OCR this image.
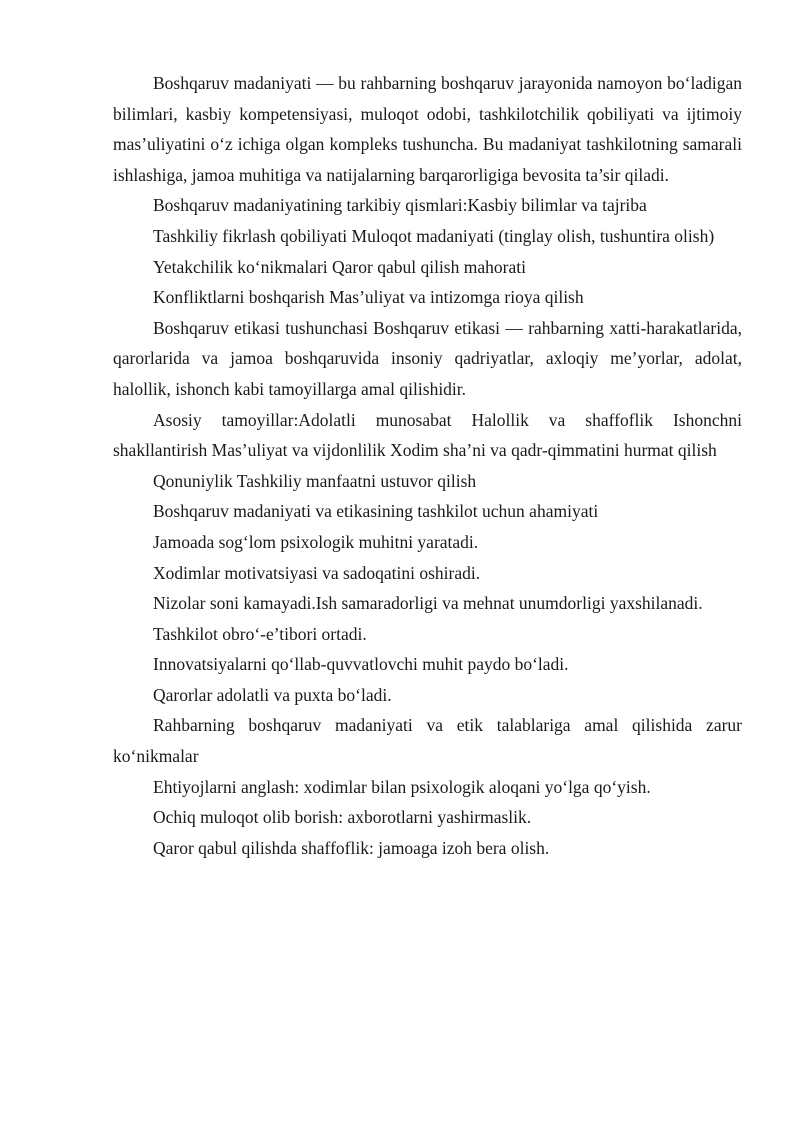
Boshqaruv madaniyati — bu rahbarning boshqaruv jarayonida namoyon bo‘ladigan bilimlari, kasbiy kompetensiyasi, muloqot odobi, tashkilotchilik qobiliyati va ijtimoiy mas’uliyatini o‘z ichiga olgan kompleks tushuncha. Bu madaniyat tashkilotning samarali ishlashiga, jamoa muhitiga va natijalarning barqarorligiga bevosita ta’sir qiladi.

Boshqaruv madaniyatining tarkibiy qismlari:Kasbiy bilimlar va tajriba

Tashkiliy fikrlash qobiliyati Muloqot madaniyati (tinglay olish, tushuntira olish)

Yetakchilik ko‘nikmalari Qaror qabul qilish mahorati

Konfliktlarni boshqarish Mas’uliyat va intizomga rioya qilish

Boshqaruv etikasi tushunchasi Boshqaruv etikasi — rahbarning xatti-harakatlarida, qarorlarida va jamoa boshqaruvida insoniy qadriyatlar, axloqiy me’yorlar, adolat, halollik, ishonch kabi tamoyillarga amal qilishidir.

Asosiy tamoyillar:Adolatli munosabat Halollik va shaffoflik Ishonchni shakllantirish Mas’uliyat va vijdonlilik Xodim sha’ni va qadr-qimmatini hurmat qilish

Qonuniylik Tashkiliy manfaatni ustuvor qilish

Boshqaruv madaniyati va etikasining tashkilot uchun ahamiyati

Jamoada sog‘lom psixologik muhitni yaratadi.

Xodimlar motivatsiyasi va sadoqatini oshiradi.

Nizolar soni kamayadi.Ish samaradorligi va mehnat unumdorligi yaxshilanadi.

Tashkilot obro‘-e’tibori ortadi.

Innovatsiyalarni qo‘llab-quvvatlovchi muhit paydo bo‘ladi.

Qarorlar adolatli va puxta bo‘ladi.

Rahbarning boshqaruv madaniyati va etik talablariga amal qilishida zarur ko‘nikmalar

Ehtiyojlarni anglash: xodimlar bilan psixologik aloqani yo‘lga qo‘yish.

Ochiq muloqot olib borish: axborotlarni yashirmaslik.

Qaror qabul qilishda shaffoflik: jamoaga izoh bera olish.
